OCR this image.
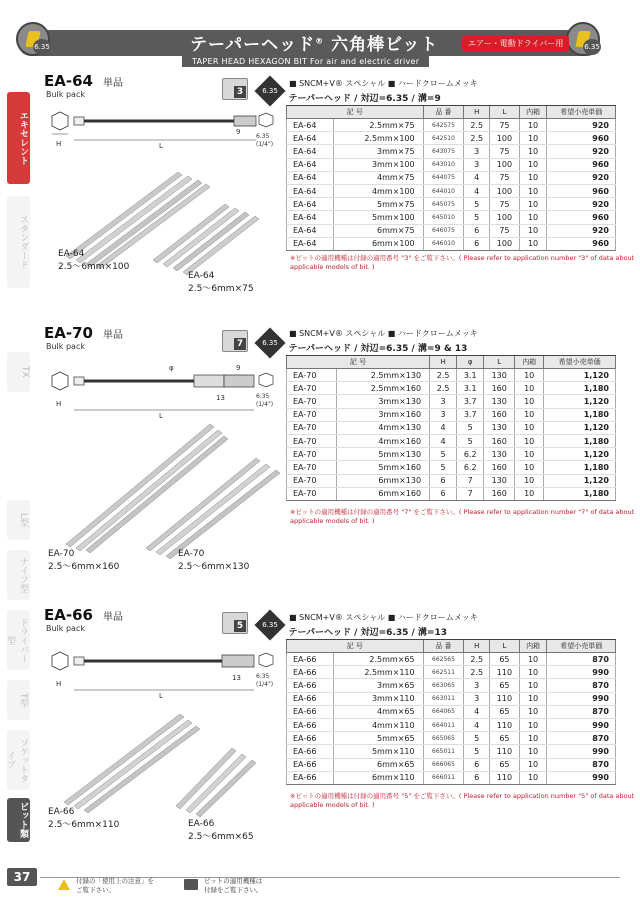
6.35	6.35
テーパーヘッド® 六角棒ビット	エアー・電動ドライバー用
TAPER HEAD HEXAGON BIT For air and electric driver
エキセレント
スタンダード
TX
L型
ナイフ型
ドライバー型
T型
ソケットタイプ
ビット類
EA-64 単品
Bulk pack	3	6.35
■ SNCM+V® スペシャル ■ ハードクロームメッキ
H	L
9
6.35
(1/4")
EA-64
2.5〜6mm×100
EA-64
2.5〜6mm×75
テーパーヘッド / 対辺=6.35 / 溝=9						
記 号		品 番	H	L	内箱	希望小売単価
EA-64	2.5mm×75	642575	2.5	75	10	920
EA-64	2.5mm×100	642510	2.5	100	10	960
EA-64	3mm×75	643075	3	75	10	920
EA-64	3mm×100	643010	3	100	10	960
EA-64	4mm×75	644075	4	75	10	920
EA-64	4mm×100	644010	4	100	10	960
EA-64	5mm×75	645075	5	75	10	920
EA-64	5mm×100	645010	5	100	10	960
EA-64	6mm×75	646075	6	75	10	920
EA-64	6mm×100	646010	6	100	10	960
※ビットの適用機種は付録の適用番号 "3" をご覧下さい。( Please refer to application number "3" of data about applicable models of bit. )
EA-70 単品
Bulk pack	7	6.35
■ SNCM+V® スペシャル ■ ハードクロームメッキ
H
φ	9
13
L
6.35
(1/4")
EA-70
2.5〜6mm×160
EA-70
2.5〜6mm×130
テーパーヘッド / 対辺=6.35 / 溝=9 & 13						
記 号		H	φ	L	内箱	希望小売単価
EA-70	2.5mm×130	2.5	3.1	130	10	1,120
EA-70	2.5mm×160	2.5	3.1	160	10	1,180
EA-70	3mm×130	3	3.7	130	10	1,120
EA-70	3mm×160	3	3.7	160	10	1,180
EA-70	4mm×130	4	5	130	10	1,120
EA-70	4mm×160	4	5	160	10	1,180
EA-70	5mm×130	5	6.2	130	10	1,120
EA-70	5mm×160	5	6.2	160	10	1,180
EA-70	6mm×130	6	7	130	10	1,120
EA-70	6mm×160	6	7	160	10	1,180
※ビットの適用機種は付録の適用番号 "7" をご覧下さい。( Please refer to application number "7" of data about applicable models of bit. )
EA-66 単品
Bulk pack	5	6.35
■ SNCM+V® スペシャル ■ ハードクロームメッキ
H
13
L
6.35
(1/4")
EA-66
2.5〜6mm×110	EA-66
2.5〜6mm×65
テーパーヘッド / 対辺=6.35 / 溝=13						
記 号		品 番	H	L	内箱	希望小売単価
EA-66	2.5mm×65	662565	2.5	65	10	870
EA-66	2.5mm×110	662511	2.5	110	10	990
EA-66	3mm×65	663065	3	65	10	870
EA-66	3mm×110	663011	3	110	10	990
EA-66	4mm×65	664065	4	65	10	870
EA-66	4mm×110	664011	4	110	10	990
EA-66	5mm×65	665065	5	65	10	870
EA-66	5mm×110	665011	5	110	10	990
EA-66	6mm×65	666065	6	65	10	870
EA-66	6mm×110	666011	6	110	10	990
※ビットの適用機種は付録の適用番号 "5" をご覧下さい。( Please refer to application number "5" of data about applicable models of bit. )
37	付録の「使用上の注意」を
ご覧下さい。
ビットの適用機種は
付録をご覧下さい。
